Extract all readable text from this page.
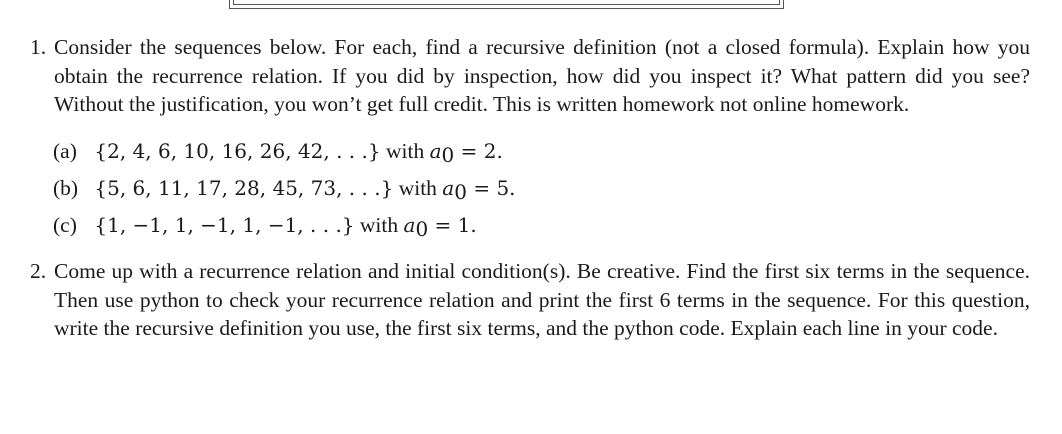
1. Consider the sequences below. For each, find a recursive definition (not a closed formula). Explain how you obtain the recurrence relation. If you did by inspection, how did you inspect it? What pattern did you see? Without the justification, you won’t get full credit. This is written homework not online homework.

(a) {2, 4, 6, 10, 16, 26, 42, . . .} with $a_0 = 2$.
(b) {5, 6, 11, 17, 28, 45, 73, . . .} with $a_0 = 5$.
(c) {1, −1, 1, −1, 1, −1, . . .} with $a_0 = 1$.
2. Come up with a recurrence relation and initial condition(s). Be creative. Find the first six terms in the sequence. Then use python to check your recurrence relation and print the first 6 terms in the sequence. For this question, write the recursive definition you use, the first six terms, and the python code. Explain each line in your code.
